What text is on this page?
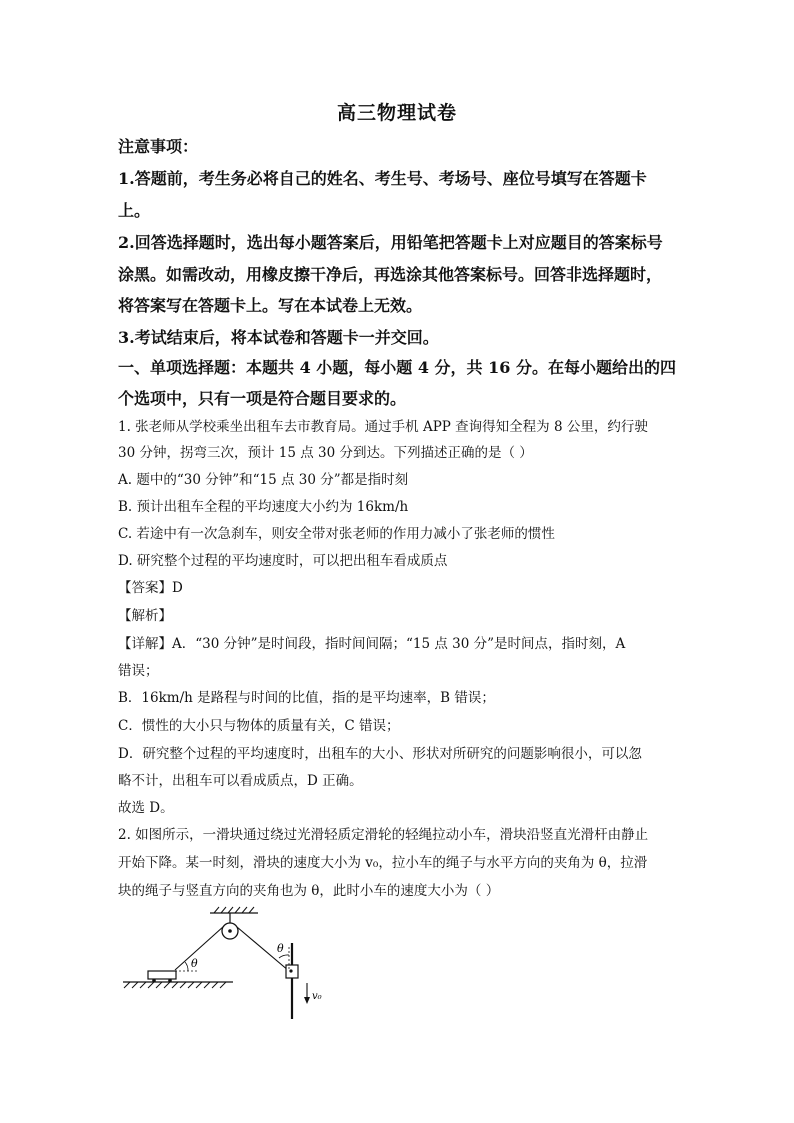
高三物理试卷
注意事项：
1.答题前，考生务必将自己的姓名、考生号、考场号、座位号填写在答题卡
上。
2.回答选择题时，选出每小题答案后，用铅笔把答题卡上对应题目的答案标号
涂黑。如需改动，用橡皮擦干净后，再选涂其他答案标号。回答非选择题时，
将答案写在答题卡上。写在本试卷上无效。
3.考试结束后，将本试卷和答题卡一并交回。
一、单项选择题：本题共 4 小题，每小题 4 分，共 16 分。在每小题给出的四
个选项中，只有一项是符合题目要求的。
1. 张老师从学校乘坐出租车去市教育局。通过手机 APP 查询得知全程为 8 公里，约行驶
30 分钟，拐弯三次，预计 15 点 30 分到达。下列描述正确的是（ ）
A. 题中的“30 分钟”和“15 点 30 分”都是指时刻
B. 预计出租车全程的平均速度大小约为 16km/h
C. 若途中有一次急刹车，则安全带对张老师的作用力减小了张老师的惯性
D. 研究整个过程的平均速度时，可以把出租车看成质点
【答案】D
【解析】
【详解】A．“30 分钟”是时间段，指时间间隔；“15 点 30 分”是时间点，指时刻，A
错误；
B．16km/h 是路程与时间的比值，指的是平均速率，B 错误；
C．惯性的大小只与物体的质量有关，C 错误；
D．研究整个过程的平均速度时，出租车的大小、形状对所研究的问题影响很小，可以忽
略不计，出租车可以看成质点，D 正确。
故选 D。
2. 如图所示，一滑块通过绕过光滑轻质定滑轮的轻绳拉动小车，滑块沿竖直光滑杆由静止
开始下降。某一时刻，滑块的速度大小为 v₀，拉小车的绳子与水平方向的夹角为 θ，拉滑
块的绳子与竖直方向的夹角也为 θ，此时小车的速度大小为（ ）
θ
θ
v₀
